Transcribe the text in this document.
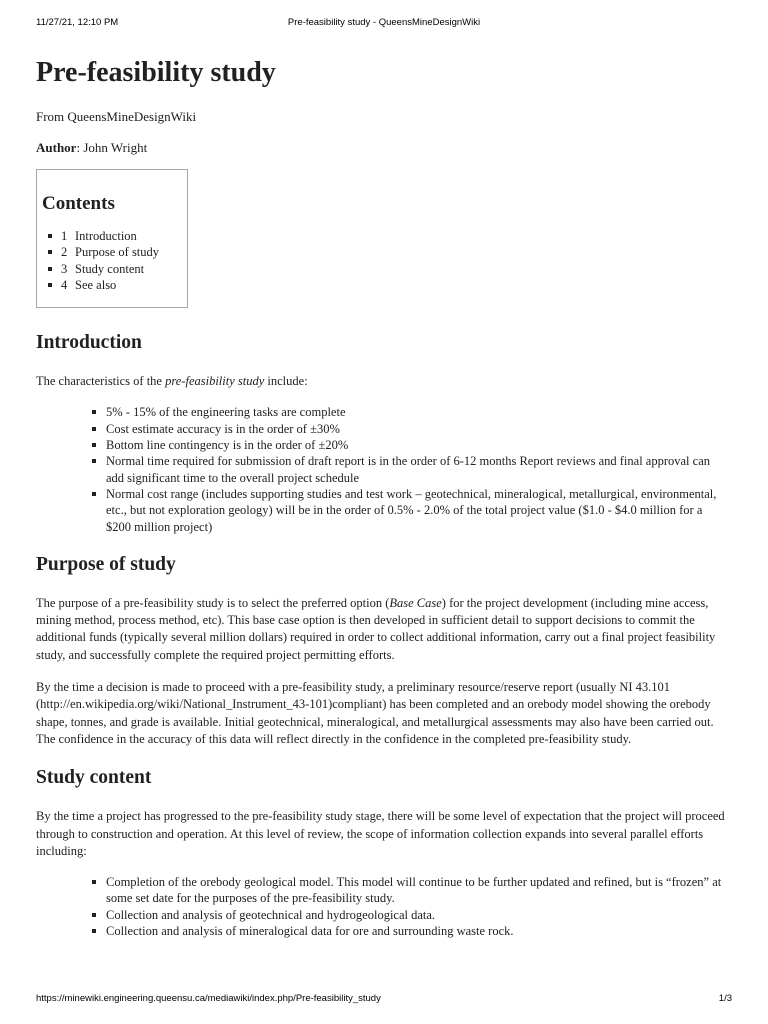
11/27/21, 12:10 PM	Pre-feasibility study - QueensMineDesignWiki
Pre-feasibility study
From QueensMineDesignWiki
Author: John Wright
Contents
1 Introduction
2 Purpose of study
3 Study content
4 See also
Introduction

The characteristics of the pre-feasibility study include:

5% - 15% of the engineering tasks are complete
Cost estimate accuracy is in the order of ±30%
Bottom line contingency is in the order of ±20%
Normal time required for submission of draft report is in the order of 6-12 months Report reviews and final approval can add significant time to the overall project schedule
Normal cost range (includes supporting studies and test work – geotechnical, mineralogical, metallurgical, environmental, etc., but not exploration geology) will be in the order of 0.5% - 2.0% of the total project value ($1.0 - $4.0 million for a $200 million project)
Purpose of study

The purpose of a pre-feasibility study is to select the preferred option (Base Case) for the project development (including mine access, mining method, process method, etc). This base case option is then developed in sufficient detail to support decisions to commit the additional funds (typically several million dollars) required in order to collect additional information, carry out a final project feasibility study, and successfully complete the required project permitting efforts.

By the time a decision is made to proceed with a pre-feasibility study, a preliminary resource/reserve report (usually NI 43.101 (http://en.wikipedia.org/wiki/National_Instrument_43-101)compliant) has been completed and an orebody model showing the orebody shape, tonnes, and grade is available. Initial geotechnical, mineralogical, and metallurgical assessments may also have been carried out. The confidence in the accuracy of this data will reflect directly in the confidence in the completed pre-feasibility study.

Study content

By the time a project has progressed to the pre-feasibility study stage, there will be some level of expectation that the project will proceed through to construction and operation. At this level of review, the scope of information collection expands into several parallel efforts including:

Completion of the orebody geological model. This model will continue to be further updated and refined, but is “frozen” at some set date for the purposes of the pre-feasibility study.
Collection and analysis of geotechnical and hydrogeological data.
Collection and analysis of mineralogical data for ore and surrounding waste rock.
https://minewiki.engineering.queensu.ca/mediawiki/index.php/Pre-feasibility_study	1/3
